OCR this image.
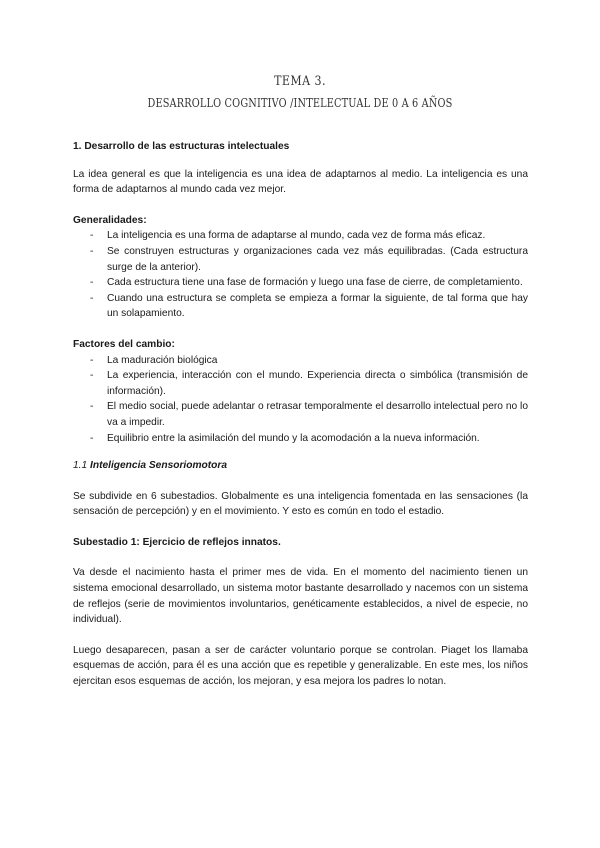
TEMA 3.
DESARROLLO COGNITIVO /INTELECTUAL DE 0 A 6 AÑOS

1. Desarrollo de las estructuras intelectuales

La idea general es que la inteligencia es una idea de adaptarnos al medio. La inteligencia es una forma de adaptarnos al mundo cada vez mejor.

Generalidades:

- La inteligencia es una forma de adaptarse al mundo, cada vez de forma más eficaz.
- Se construyen estructuras y organizaciones cada vez más equilibradas. (Cada estructura surge de la anterior).
- Cada estructura tiene una fase de formación y luego una fase de cierre, de completamiento.
- Cuando una estructura se completa se empieza a formar la siguiente, de tal forma que hay un solapamiento.

Factores del cambio:

- La maduración biológica
- La experiencia, interacción con el mundo. Experiencia directa o simbólica (transmisión de información).
- El medio social, puede adelantar o retrasar temporalmente el desarrollo intelectual pero no lo va a impedir.
- Equilibrio entre la asimilación del mundo y la acomodación a la nueva información.

1.1 Inteligencia Sensoriomotora

Se subdivide en 6 subestadios. Globalmente es una inteligencia fomentada en las sensaciones (la sensación de percepción) y en el movimiento. Y esto es común en todo el estadio.

Subestadio 1: Ejercicio de reflejos innatos.

Va desde el nacimiento hasta el primer mes de vida. En el momento del nacimiento tienen un sistema emocional desarrollado, un sistema motor bastante desarrollado y nacemos con un sistema de reflejos (serie de movimientos involuntarios, genéticamente establecidos, a nivel de especie, no individual).

Luego desaparecen, pasan a ser de carácter voluntario porque se controlan. Piaget los llamaba esquemas de acción, para él es una acción que es repetible y generalizable. En este mes, los niños ejercitan esos esquemas de acción, los mejoran, y esa mejora los padres lo notan.
